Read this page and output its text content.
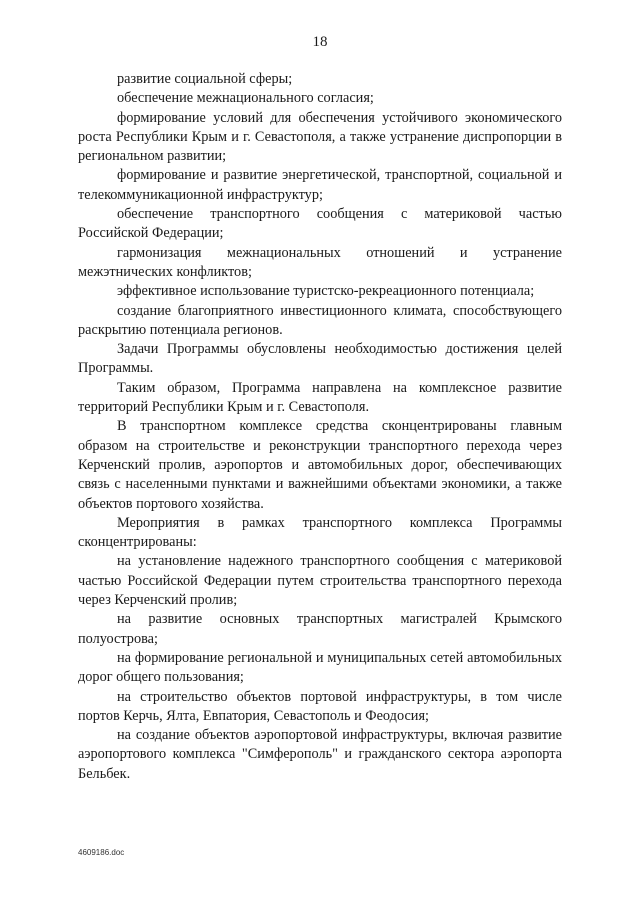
18

развитие социальной сферы;

обеспечение межнационального согласия;

формирование условий для обеспечения устойчивого экономического роста Республики Крым и г. Севастополя, а также устранение диспропорции в региональном развитии;

формирование и развитие энергетической, транспортной, социальной и телекоммуникационной инфраструктур;

обеспечение транспортного сообщения с материковой частью Российской Федерации;

гармонизация межнациональных отношений и устранение межэтнических конфликтов;

эффективное использование туристско-рекреационного потенциала;

создание благоприятного инвестиционного климата, способствующего раскрытию потенциала регионов.

Задачи Программы обусловлены необходимостью достижения целей Программы.

Таким образом, Программа направлена на комплексное развитие территорий Республики Крым и г. Севастополя.

В транспортном комплексе средства сконцентрированы главным образом на строительстве и реконструкции транспортного перехода через Керченский пролив, аэропортов и автомобильных дорог, обеспечивающих связь с населенными пунктами и важнейшими объектами экономики, а также объектов портового хозяйства.

Мероприятия в рамках транспортного комплекса Программы сконцентрированы:

на установление надежного транспортного сообщения с материковой частью Российской Федерации путем строительства транспортного перехода через Керченский пролив;

на развитие основных транспортных магистралей Крымского полуострова;

на формирование региональной и муниципальных сетей автомобильных дорог общего пользования;

на строительство объектов портовой инфраструктуры, в том числе портов Керчь, Ялта, Евпатория, Севастополь и Феодосия;

на создание объектов аэропортовой инфраструктуры, включая развитие аэропортового комплекса "Симферополь" и гражданского сектора аэропорта Бельбек.

4609186.doc
